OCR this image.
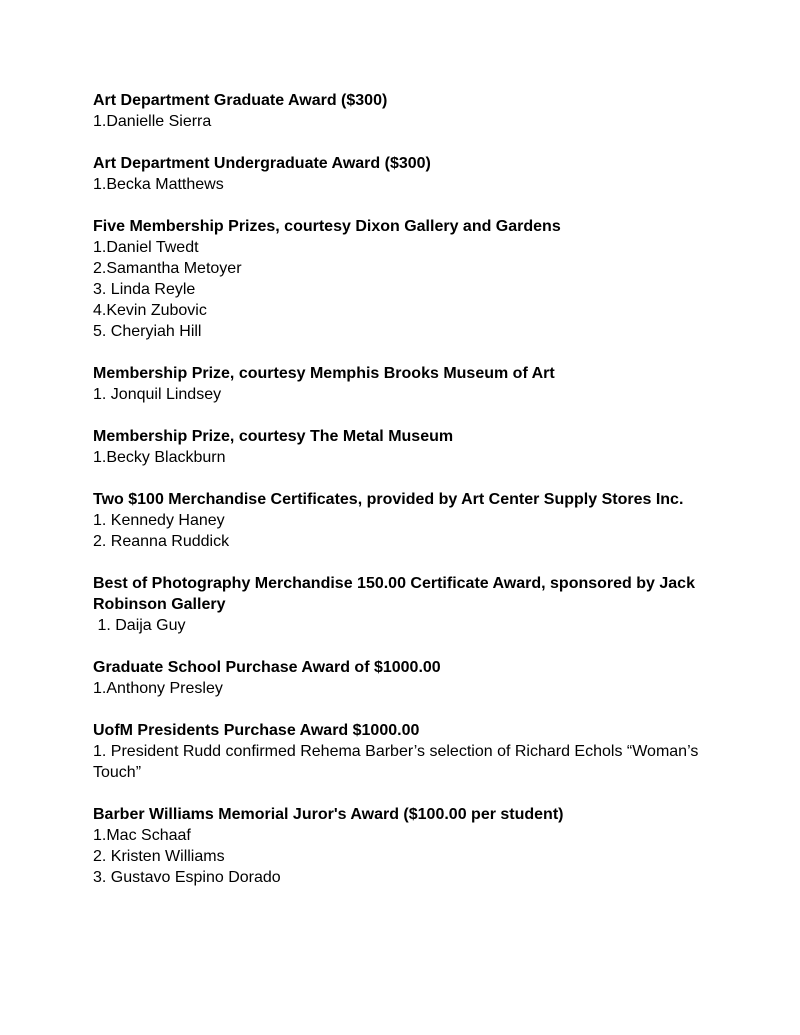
Art Department Graduate Award ($300)
1.Danielle Sierra
Art Department Undergraduate Award ($300)
1.Becka Matthews
Five Membership Prizes, courtesy Dixon Gallery and Gardens
1.Daniel Twedt
2.Samantha Metoyer
3. Linda Reyle
4.Kevin Zubovic
5. Cheryiah Hill
Membership Prize, courtesy Memphis Brooks Museum of Art
1. Jonquil Lindsey
Membership Prize, courtesy The Metal Museum
1.Becky Blackburn
Two $100 Merchandise Certificates, provided by Art Center Supply Stores Inc.
1. Kennedy Haney
2. Reanna Ruddick
Best of Photography Merchandise 150.00 Certificate Award, sponsored by Jack Robinson Gallery
1. Daija Guy
Graduate School Purchase Award of $1000.00
1.Anthony Presley
UofM Presidents Purchase Award $1000.00
1. President Rudd confirmed Rehema Barber’s selection of Richard Echols “Woman’s Touch”
Barber Williams Memorial Juror's Award ($100.00 per student)
1.Mac Schaaf
2. Kristen Williams
3. Gustavo Espino Dorado
